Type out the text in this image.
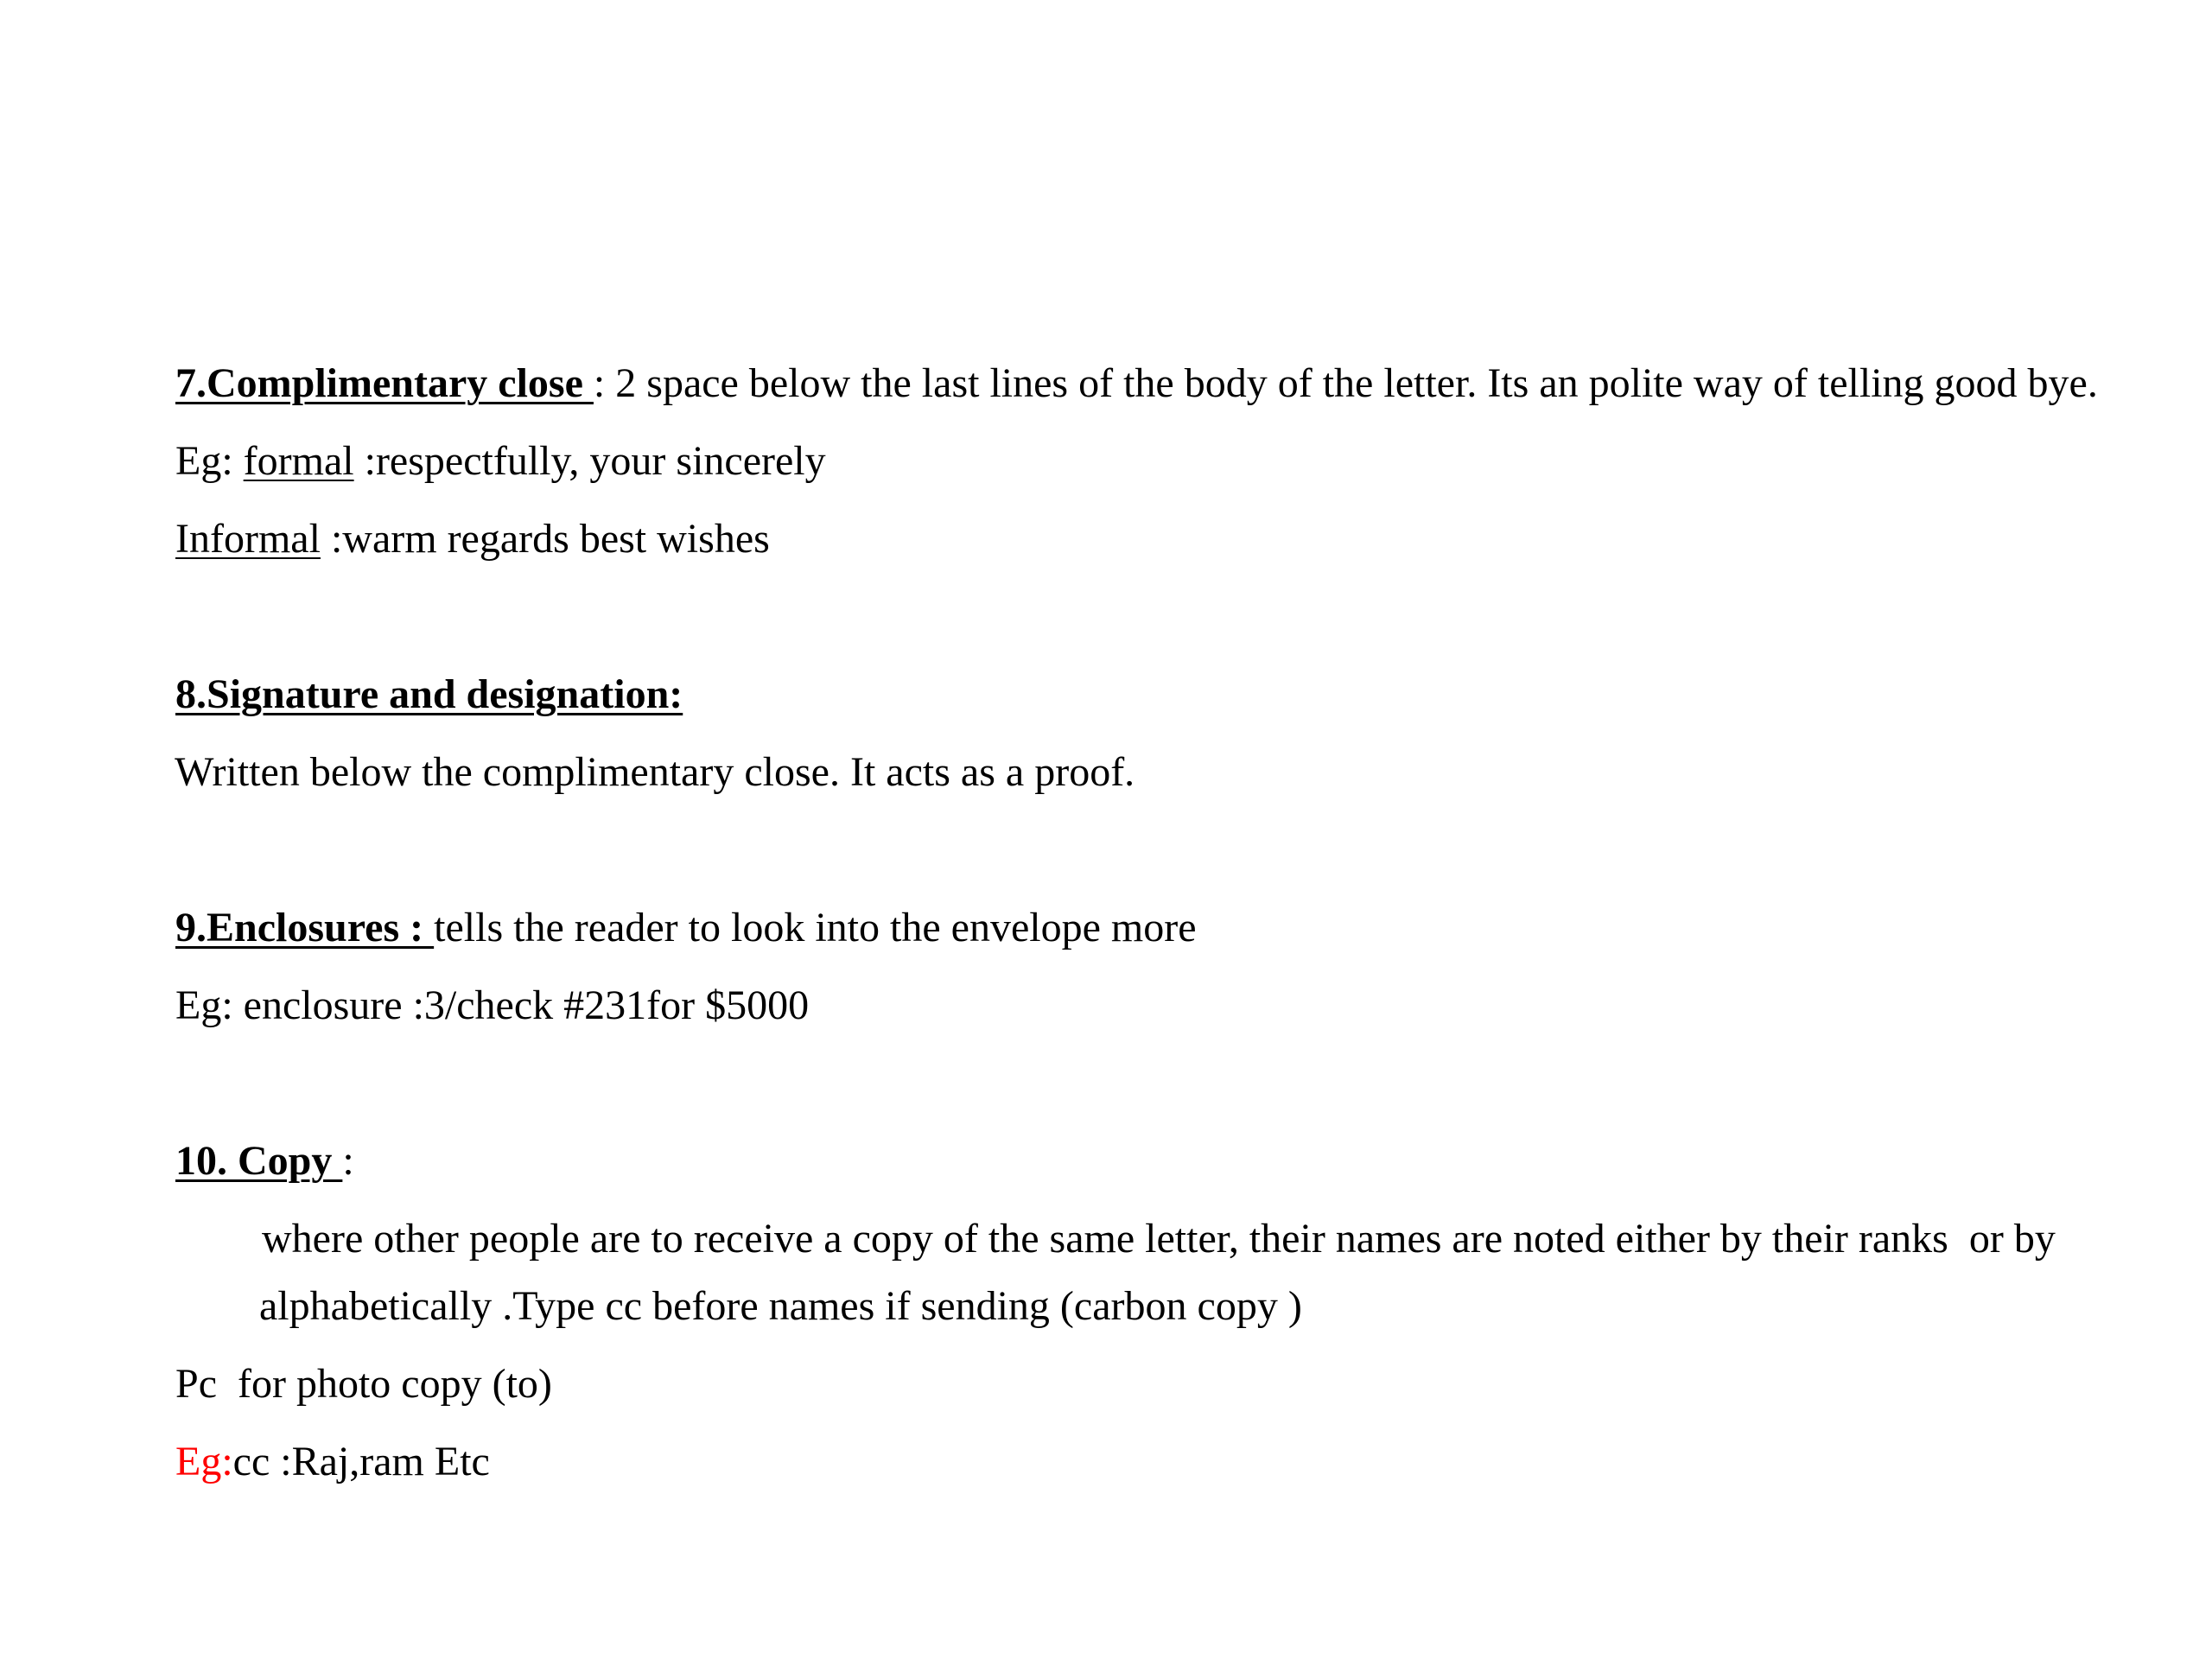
7.Complimentary close : 2 space below the last lines of the body of the letter. Its an polite way of telling good bye.

Eg: formal :respectfully, your sincerely

Informal :warm regards best wishes

8.Signature and designation:

Written below the complimentary close. It acts as a proof.

9.Enclosures : tells the reader to look into the envelope more

Eg: enclosure :3/check #231for $5000

10. Copy :

where other people are to receive a copy of the same letter, their names are noted either by their ranks  or by

alphabetically .Type cc before names if sending (carbon copy )

Pc  for photo copy (to)

Eg:cc :Raj,ram Etc
